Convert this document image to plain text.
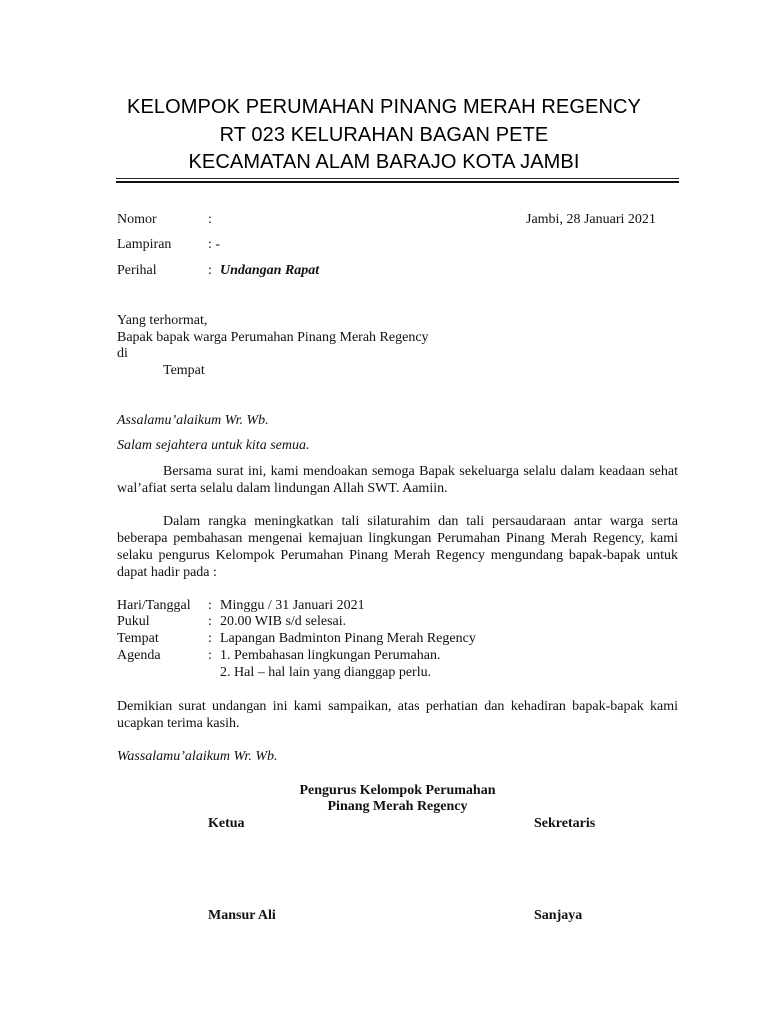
KELOMPOK PERUMAHAN PINANG MERAH REGENCY
RT 023 KELURAHAN BAGAN PETE
KECAMATAN ALAM BARAJO KOTA JAMBI
Nomor	:	Jambi, 28 Januari 2021
Lampiran	: -
Perihal	: Undangan Rapat
Yang terhormat,
Bapak bapak warga Perumahan Pinang Merah Regency
di
Tempat
Assalamu’alaikum Wr. Wb.
Salam sejahtera untuk kita semua.
Bersama surat ini, kami mendoakan semoga Bapak sekeluarga selalu dalam keadaan sehat wal’afiat serta selalu dalam lindungan Allah SWT. Aamiin.
Dalam rangka meningkatkan tali silaturahim dan tali persaudaraan antar warga serta beberapa pembahasan mengenai kemajuan lingkungan Perumahan Pinang Merah Regency, kami selaku pengurus Kelompok Perumahan Pinang Merah Regency mengundang bapak-bapak untuk dapat hadir pada :
Hari/Tanggal : Minggu / 31 Januari 2021
Pukul	: 20.00 WIB s/d selesai.
Tempat	: Lapangan Badminton Pinang Merah Regency
Agenda	: 1. Pembahasan lingkungan Perumahan.
2. Hal – hal lain yang dianggap perlu.
Demikian surat undangan ini kami sampaikan, atas perhatian dan kehadiran bapak-bapak kami ucapkan terima kasih.
Wassalamu’alaikum Wr. Wb.
Pengurus Kelompok Perumahan
Pinang Merah Regency
Ketua	Sekretaris
Mansur Ali	Sanjaya
